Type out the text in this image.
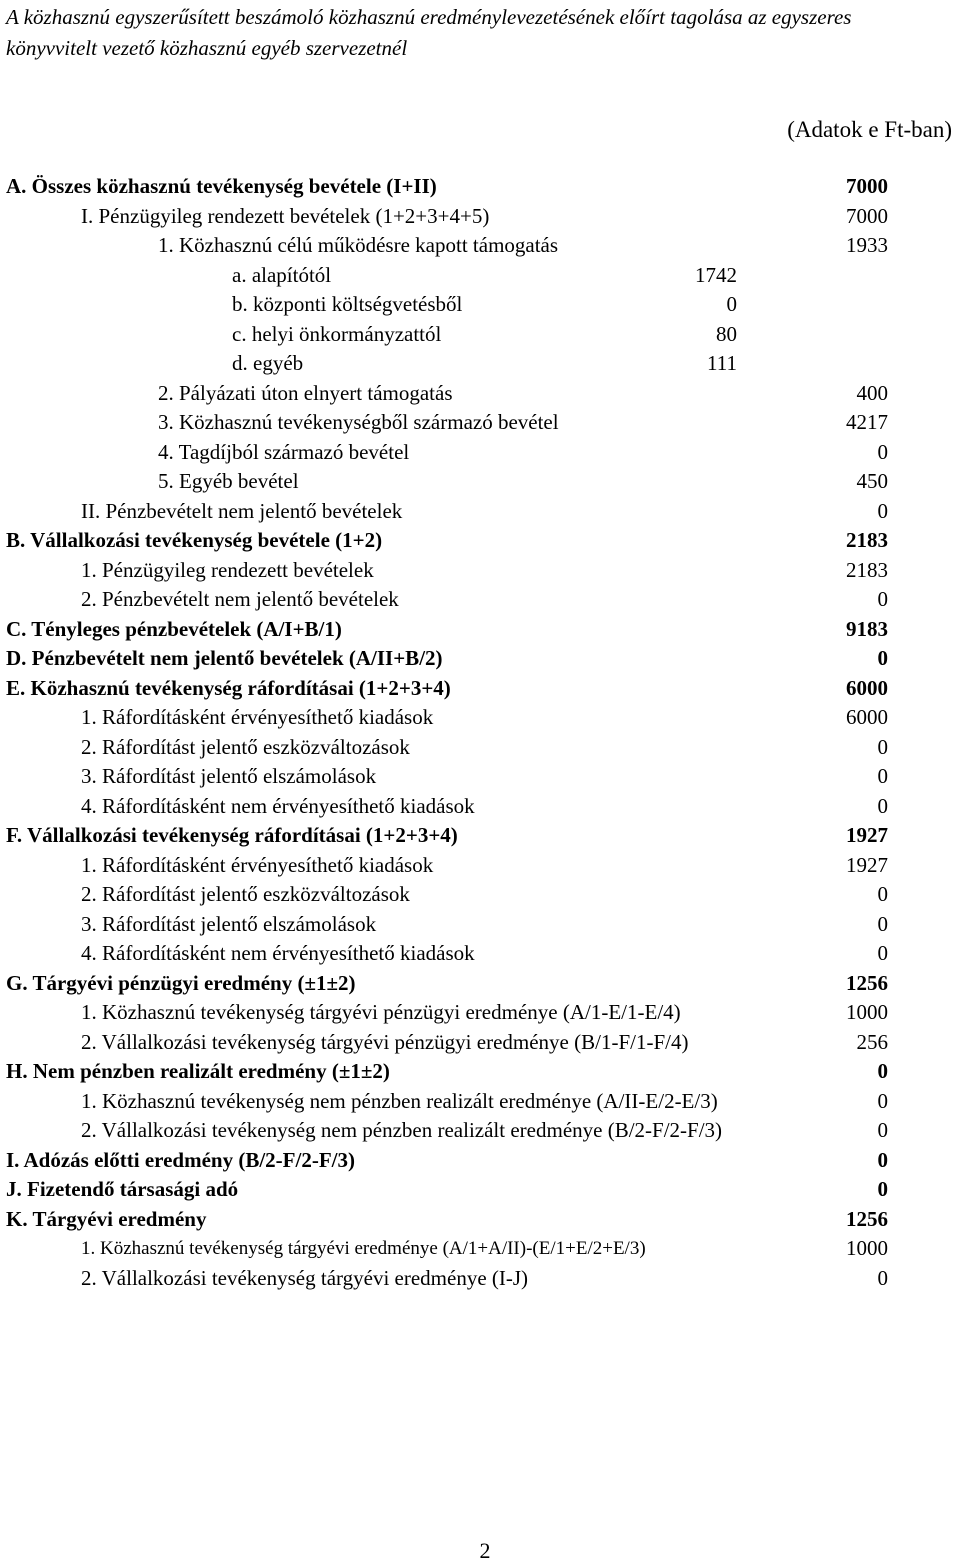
A közhasznú egyszerűsített beszámoló közhasznú eredménylevezetésének előírt tagolása az egyszeres könyvvitelt vezető közhasznú egyéb szervezetnél
(Adatok e Ft-ban)
A. Összes közhasznú tevékenység bevétele (I+II)	7000
I. Pénzügyileg rendezett bevételek (1+2+3+4+5)	7000
1. Közhasznú célú működésre kapott támogatás	1933
a. alapítótól	1742
b. központi költségvetésből	0
c. helyi önkormányzattól	80
d. egyéb	111
2. Pályázati úton elnyert támogatás	400
3. Közhasznú tevékenységből származó bevétel	4217
4. Tagdíjból származó bevétel	0
5. Egyéb bevétel	450
II. Pénzbevételt nem jelentő bevételek	0
B. Vállalkozási tevékenység bevétele (1+2)	2183
1. Pénzügyileg rendezett bevételek	2183
2. Pénzbevételt nem jelentő bevételek	0
C. Tényleges pénzbevételek (A/I+B/1)	9183
D. Pénzbevételt nem jelentő bevételek (A/II+B/2)	0
E. Közhasznú tevékenység ráfordításai (1+2+3+4)	6000
1. Ráfordításként érvényesíthető kiadások	6000
2. Ráfordítást jelentő eszközváltozások	0
3. Ráfordítást jelentő elszámolások	0
4. Ráfordításként nem érvényesíthető kiadások	0
F. Vállalkozási tevékenység ráfordításai (1+2+3+4)	1927
1. Ráfordításként érvényesíthető kiadások	1927
2. Ráfordítást jelentő eszközváltozások	0
3. Ráfordítást jelentő elszámolások	0
4. Ráfordításként nem érvényesíthető kiadások	0
G. Tárgyévi pénzügyi eredmény (±1±2)	1256
1. Közhasznú tevékenység tárgyévi pénzügyi eredménye (A/1-E/1-E/4)	1000
2. Vállalkozási tevékenység tárgyévi pénzügyi eredménye (B/1-F/1-F/4)	256
H. Nem pénzben realizált eredmény (±1±2)	0
1. Közhasznú tevékenység nem pénzben realizált eredménye (A/II-E/2-E/3)	0
2. Vállalkozási tevékenység nem pénzben realizált eredménye (B/2-F/2-F/3)	0
I. Adózás előtti eredmény (B/2-F/2-F/3)	0
J. Fizetendő társasági adó	0
K. Tárgyévi eredmény	1256
1. Közhasznú tevékenység tárgyévi eredménye (A/1+A/II)-(E/1+E/2+E/3)	1000
2. Vállalkozási tevékenység tárgyévi eredménye (I-J)	0
2
